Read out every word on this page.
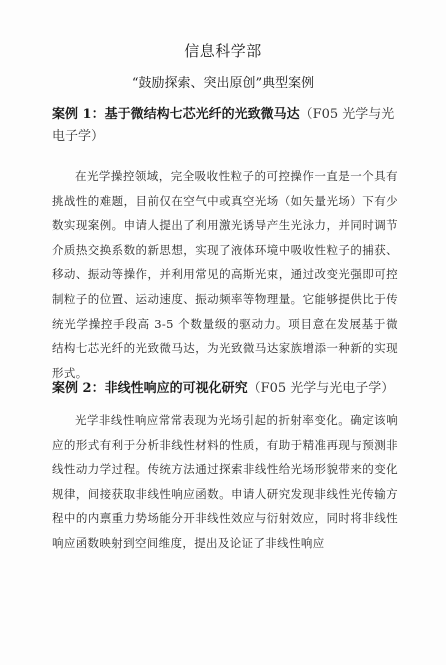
信息科学部
“鼓励探索、突出原创”典型案例
案例 1：基于微结构七芯光纤的光致微马达（F05 光学与光电子学）
在光学操控领域，完全吸收性粒子的可控操作一直是一个具有挑战性的难题，目前仅在空气中或真空光场（如矢量光场）下有少数实现案例。申请人提出了利用激光诱导产生光泳力，并同时调节介质热交换系数的新思想，实现了液体环境中吸收性粒子的捕获、移动、振动等操作，并利用常见的高斯光束，通过改变光强即可控制粒子的位置、运动速度、振动频率等物理量。它能够提供比于传统光学操控手段高 3-5 个数量级的驱动力。项目意在发展基于微结构七芯光纤的光致微马达，为光致微马达家族增添一种新的实现形式。
案例 2：非线性响应的可视化研究（F05 光学与光电子学）
光学非线性响应常常表现为光场引起的折射率变化。确定该响应的形式有利于分析非线性材料的性质，有助于精准再现与预测非线性动力学过程。传统方法通过探索非线性给光场形貌带来的变化规律，间接获取非线性响应函数。申请人研究发现非线性光传输方程中的内禀重力势场能分开非线性效应与衍射效应，同时将非线性响应函数映射到空间维度，提出及论证了非线性响应
